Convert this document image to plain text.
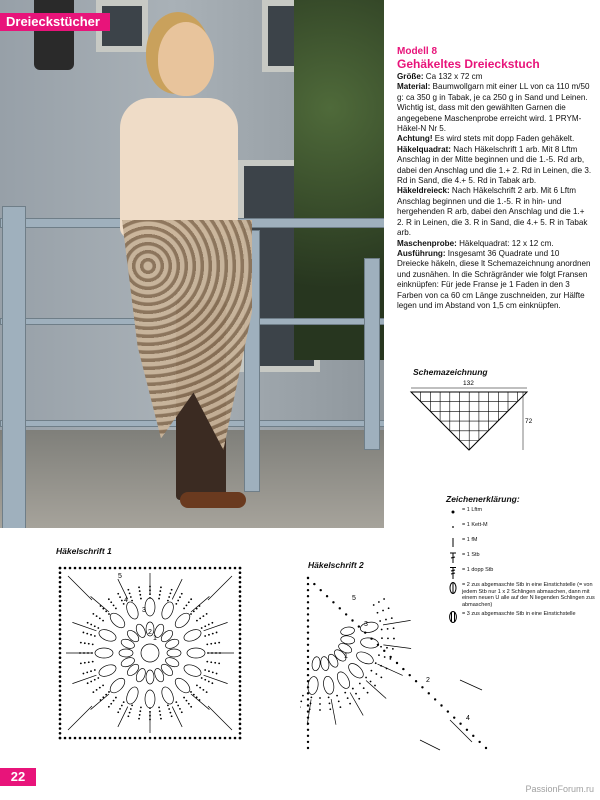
Dreieckstücher
Modell 8
Gehäkeltes Dreieckstuch

Größe: Ca 132 x 72 cm

Material: Baumwollgarn mit einer LL von ca 110 m/50 g: ca 350 g in Tabak, je ca 250 g in Sand und Leinen. Wichtig ist, dass mit den gewählten Garnen die angegebene Maschenprobe erreicht wird. 1 PRYM-Häkel-N Nr 5.

Achtung! Es wird stets mit dopp Faden gehäkelt.

Häkelquadrat: Nach Häkelschrift 1 arb. Mit 8 Lftm Anschlag in der Mitte beginnen und die 1.-5. Rd arb, dabei den Anschlag und die 1.+ 2. Rd in Leinen, die 3. Rd in Sand, die 4.+ 5. Rd in Tabak arb.

Häkeldreieck: Nach Häkelschrift 2 arb. Mit 6 Lftm Anschlag beginnen und die 1.-5. R in hin- und hergehenden R arb, dabei den Anschlag und die 1.+ 2. R in Leinen, die 3. R in Sand, die 4.+ 5. R in Tabak arb.

Maschenprobe: Häkelquadrat: 12 x 12 cm.

Ausführung: Insgesamt 36 Quadrate und 10 Dreiecke häkeln, diese lt Schemazeichnung anordnen und zusnähen. In die Schrägränder wie folgt Fransen einknüpfen: Für jede Franse je 1 Faden in den 3 Farben von ca 60 cm Länge zuschneiden, zur Hälfte legen und im Abstand von 1,5 cm einknüpfen.

Schemazeichnung
132
72
Zeichenerklärung:
= 1 Lftm
= 1 Kett-M
= 1 fM
= 1 Stb
= 1 dopp Stb
= 2 zus abgemaschte Stb in eine Einstichstelle (= von jedem Stb nur 1 x 2 Schlingen abmaschen, dann mit einem neuen U alle auf der N liegenden Schlingen zus abmaschen)
= 3 zus abgemaschte Stb in eine Einstichstelle
Häkelschrift 1
5
4
3
2
1
Häkelschrift 2
3
2
1
5
4
22
PassionForum.ru
